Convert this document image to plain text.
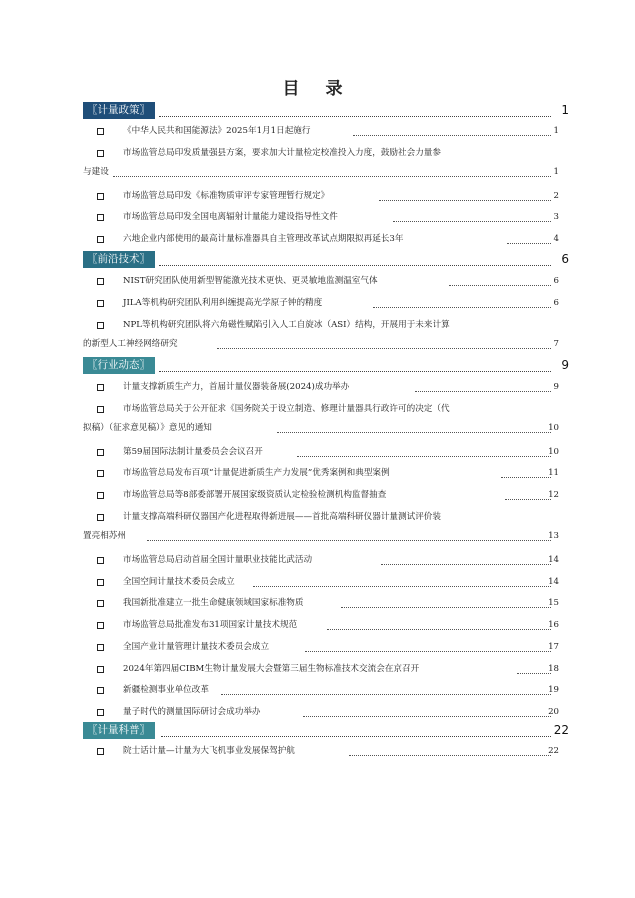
目 录
〖计量政策〗	1
《中华人民共和国能源法》2025年1月1日起施行	1
市场监管总局印发质量强县方案，要求加大计量检定校准投入力度，鼓励社会力量参
与建设	1
市场监管总局印发《标准物质审评专家管理暂行规定》	2
市场监管总局印发全国电离辐射计量能力建设指导性文件	3
六地企业内部使用的最高计量标准器具自主管理改革试点期限拟再延长3年	4
〖前沿技术〗	6
NIST研究团队使用新型智能激光技术更快、更灵敏地监测温室气体	6
JILA等机构研究团队利用纠缠提高光学原子钟的精度	6
NPL等机构研究团队将六角磁性赋陷引入人工自旋冰（ASI）结构，开展用于未来计算
的新型人工神经网络研究	7
〖行业动态〗	9
计量支撑新质生产力，首届计量仪器装备展(2024)成功举办	9
市场监管总局关于公开征求《国务院关于设立制造、修理计量器具行政许可的决定（代
拟稿）（征求意见稿）》意见的通知	10
第59届国际法制计量委员会会议召开	10
市场监管总局发布百项“计量促进新质生产力发展”优秀案例和典型案例	11
市场监管总局等8部委部署开展国家级资质认定检验检测机构监督抽查	12
计量支撑高端科研仪器国产化进程取得新进展——首批高端科研仪器计量测试评价装
置亮相苏州	13
市场监管总局启动首届全国计量职业技能比武活动	14
全国空间计量技术委员会成立	14
我国新批准建立一批生命健康领域国家标准物质	15
市场监管总局批准发布31项国家计量技术规范	16
全国产业计量管理计量技术委员会成立	17
2024年第四届CIBM生物计量发展大会暨第三届生物标准技术交流会在京召开	18
新疆检测事业单位改革	19
量子时代的测量国际研讨会成功举办	20
〖计量科普〗	22
院士话计量—计量为大飞机事业发展保驾护航	22
